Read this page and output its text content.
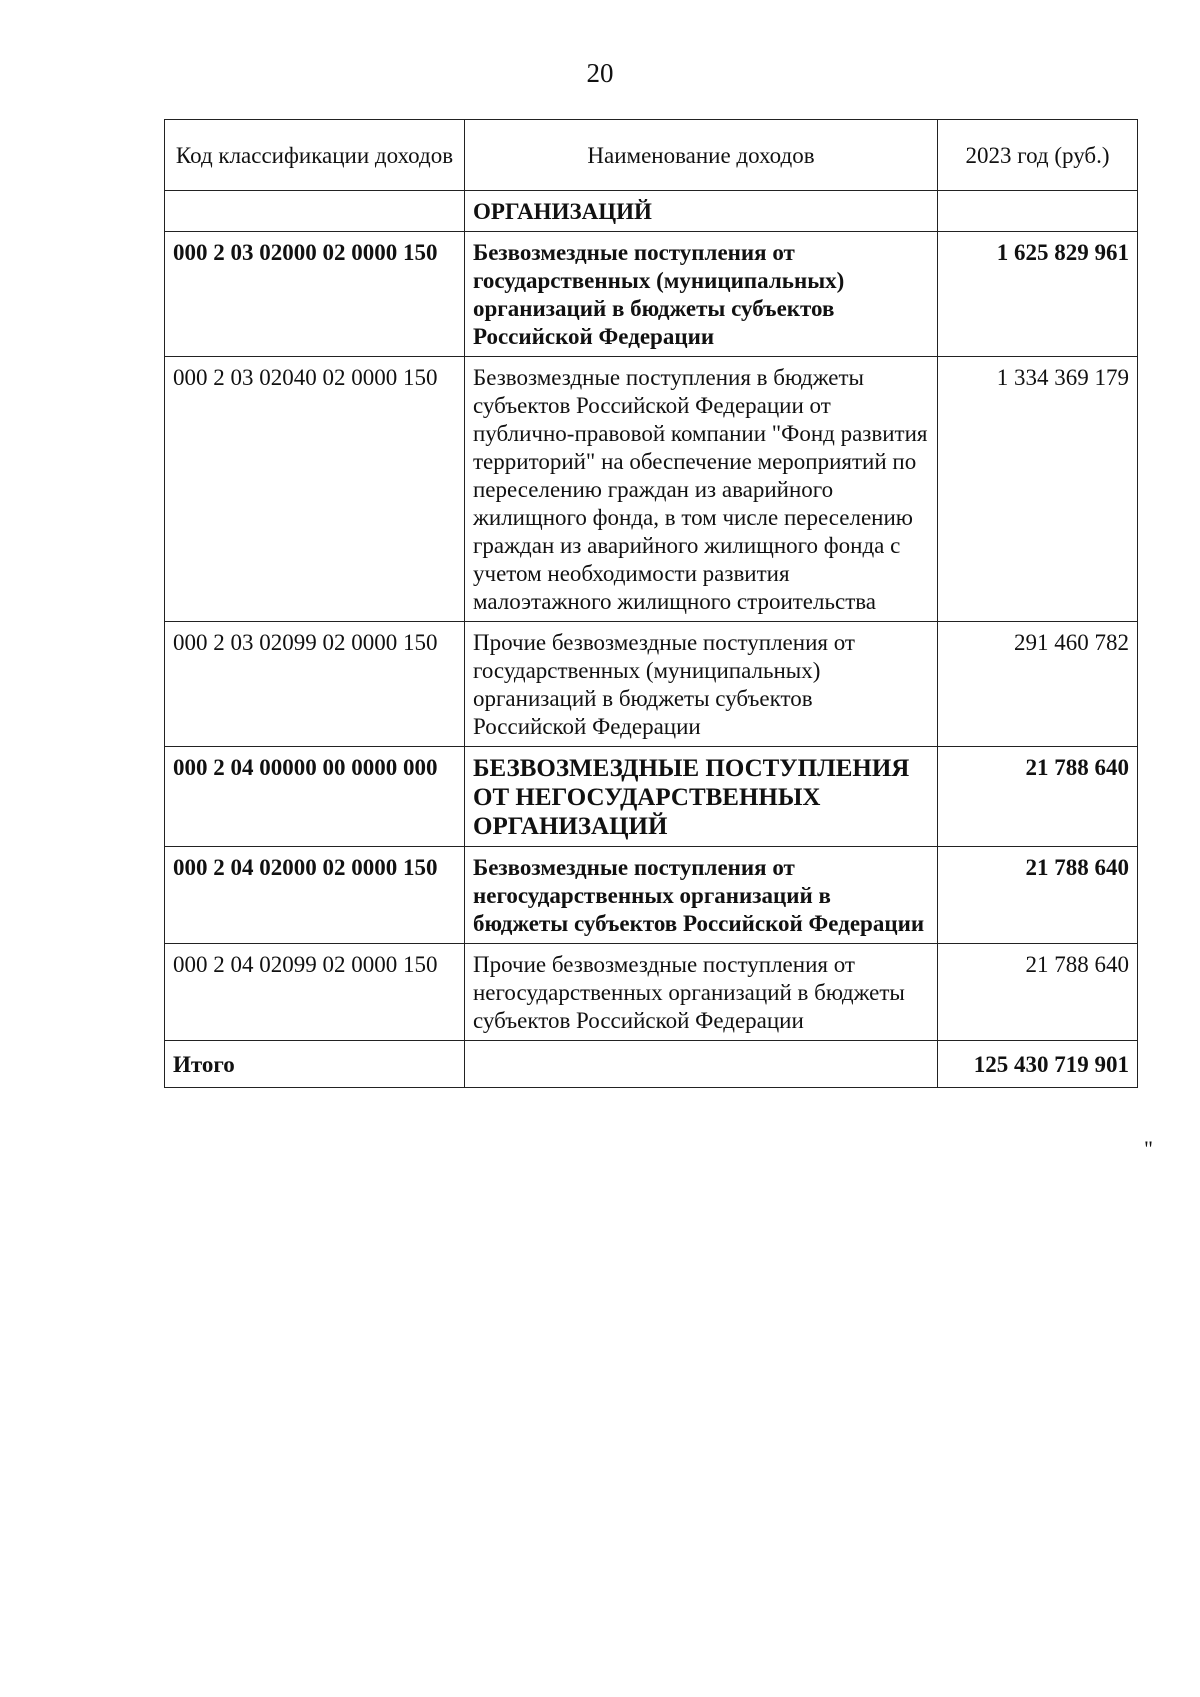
20
Код классификации доходов	Наименование доходов	2023 год (руб.)
	ОРГАНИЗАЦИЙ	
000 2 03 02000 02 0000 150	Безвозмездные поступления от государственных (муниципальных) организаций в бюджеты субъектов Российской Федерации	1 625 829 961
000 2 03 02040 02 0000 150	Безвозмездные поступления в бюджеты субъектов Российской Федерации от публично-правовой компании "Фонд развития территорий" на обеспечение мероприятий по переселению граждан из аварийного жилищного фонда, в том числе переселению граждан из аварийного жилищного фонда с учетом необходимости развития малоэтажного жилищного строительства	1 334 369 179
000 2 03 02099 02 0000 150	Прочие безвозмездные поступления от государственных (муниципальных) организаций в бюджеты субъектов Российской Федерации	291 460 782
000 2 04 00000 00 0000 000	БЕЗВОЗМЕЗДНЫЕ ПОСТУПЛЕНИЯ ОТ НЕГОСУДАРСТВЕННЫХ ОРГАНИЗАЦИЙ	21 788 640
000 2 04 02000 02 0000 150	Безвозмездные поступления от негосударственных организаций в бюджеты субъектов Российской Федерации	21 788 640
000 2 04 02099 02 0000 150	Прочие безвозмездные поступления от негосударственных организаций в бюджеты субъектов Российской Федерации	21 788 640
Итого		125 430 719 901
"
